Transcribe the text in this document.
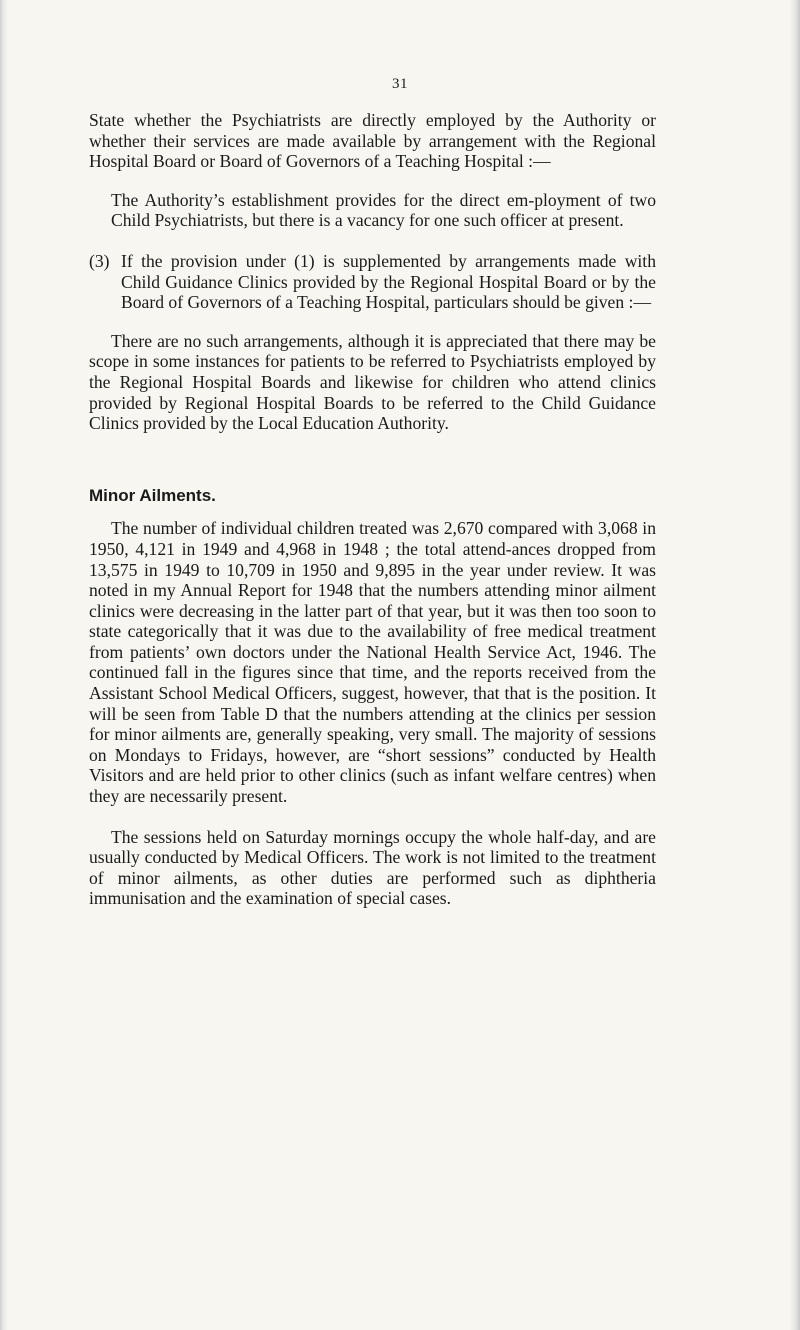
31

State whether the Psychiatrists are directly employed by the Authority or whether their services are made available by arrangement with the Regional Hospital Board or Board of Governors of a Teaching Hospital :—

The Authority’s establishment provides for the direct em-ployment of two Child Psychiatrists, but there is a vacancy for one such officer at present.

(3) If the provision under (1) is supplemented by arrangements made with Child Guidance Clinics provided by the Regional Hospital Board or by the Board of Governors of a Teaching Hospital, particulars should be given :—

There are no such arrangements, although it is appreciated that there may be scope in some instances for patients to be referred to Psychiatrists employed by the Regional Hospital Boards and likewise for children who attend clinics provided by Regional Hospital Boards to be referred to the Child Guidance Clinics provided by the Local Education Authority.

Minor Ailments.

The number of individual children treated was 2,670 compared with 3,068 in 1950, 4,121 in 1949 and 4,968 in 1948 ; the total attend-ances dropped from 13,575 in 1949 to 10,709 in 1950 and 9,895 in the year under review. It was noted in my Annual Report for 1948 that the numbers attending minor ailment clinics were decreasing in the latter part of that year, but it was then too soon to state categorically that it was due to the availability of free medical treatment from patients’ own doctors under the National Health Service Act, 1946. The continued fall in the figures since that time, and the reports received from the Assistant School Medical Officers, suggest, however, that that is the position. It will be seen from Table D that the numbers attending at the clinics per session for minor ailments are, generally speaking, very small. The majority of sessions on Mondays to Fridays, however, are “short sessions” conducted by Health Visitors and are held prior to other clinics (such as infant welfare centres) when they are necessarily present.

The sessions held on Saturday mornings occupy the whole half-day, and are usually conducted by Medical Officers. The work is not limited to the treatment of minor ailments, as other duties are performed such as diphtheria immunisation and the examination of special cases.
